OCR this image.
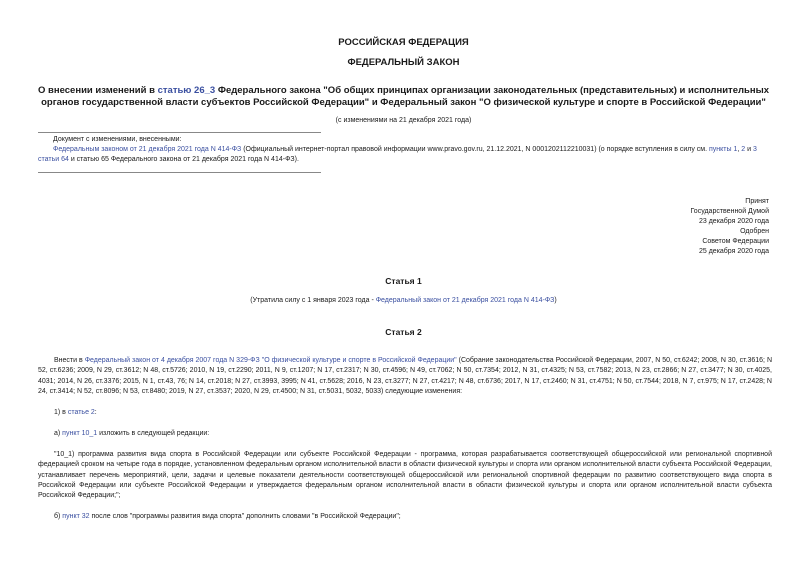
РОССИЙСКАЯ ФЕДЕРАЦИЯ
ФЕДЕРАЛЬНЫЙ ЗАКОН
О внесении изменений в статью 26_3 Федерального закона "Об общих принципах организации законодательных (представительных) и исполнительных органов государственной власти субъектов Российской Федерации" и Федеральный закон "О физической культуре и спорте в Российской Федерации"
(с изменениями на 21 декабря 2021 года)
Документ с изменениями, внесенными:
Федеральным законом от 21 декабря 2021 года N 414-ФЗ (Официальный интернет-портал правовой информации www.pravo.gov.ru, 21.12.2021, N 0001202112210031) (о порядке вступления в силу см. пункты 1, 2 и 3 статьи 64 и статью 65 Федерального закона от 21 декабря 2021 года N 414-ФЗ).
Принят
Государственной Думой
23 декабря 2020 года
Одобрен
Советом Федерации
25 декабря 2020 года
Статья 1
(Утратила силу с 1 января 2023 года - Федеральный закон от 21 декабря 2021 года N 414-ФЗ)
Статья 2
Внести в Федеральный закон от 4 декабря 2007 года N 329-ФЗ "О физической культуре и спорте в Российской Федерации" (Собрание законодательства Российской Федерации, 2007, N 50, ст.6242; 2008, N 30, ст.3616; N 52, ст.6236; 2009, N 29, ст.3612; N 48, ст.5726; 2010, N 19, ст.2290; 2011, N 9, ст.1207; N 17, ст.2317; N 30, ст.4596; N 49, ст.7062; N 50, ст.7354; 2012, N 31, ст.4325; N 53, ст.7582; 2013, N 23, ст.2866; N 27, ст.3477; N 30, ст.4025, 4031; 2014, N 26, ст.3376; 2015, N 1, ст.43, 76; N 14, ст.2018; N 27, ст.3993, 3995; N 41, ст.5628; 2016, N 23, ст.3277; N 27, ст.4217; N 48, ст.6736; 2017, N 17, ст.2460; N 31, ст.4751; N 50, ст.7544; 2018, N 7, ст.975; N 17, ст.2428; N 24, ст.3414; N 52, ст.8096; N 53, ст.8480; 2019, N 27, ст.3537; 2020, N 29, ст.4500; N 31, ст.5031, 5032, 5033) следующие изменения:
1) в статье 2:
а) пункт 10_1 изложить в следующей редакции:
"10_1) программа развития вида спорта в Российской Федерации или субъекте Российской Федерации - программа, которая разрабатывается соответствующей общероссийской или региональной спортивной федерацией сроком на четыре года в порядке, установленном федеральным органом исполнительной власти в области физической культуры и спорта или органом исполнительной власти субъекта Российской Федерации, устанавливает перечень мероприятий, цели, задачи и целевые показатели деятельности соответствующей общероссийской или региональной спортивной федерации по развитию соответствующего вида спорта в Российской Федерации или субъекте Российской Федерации и утверждается федеральным органом исполнительной власти в области физической культуры и спорта или органом исполнительной власти субъекта Российской Федерации;";
б) пункт 32 после слов "программы развития вида спорта" дополнить словами "в Российской Федерации";
